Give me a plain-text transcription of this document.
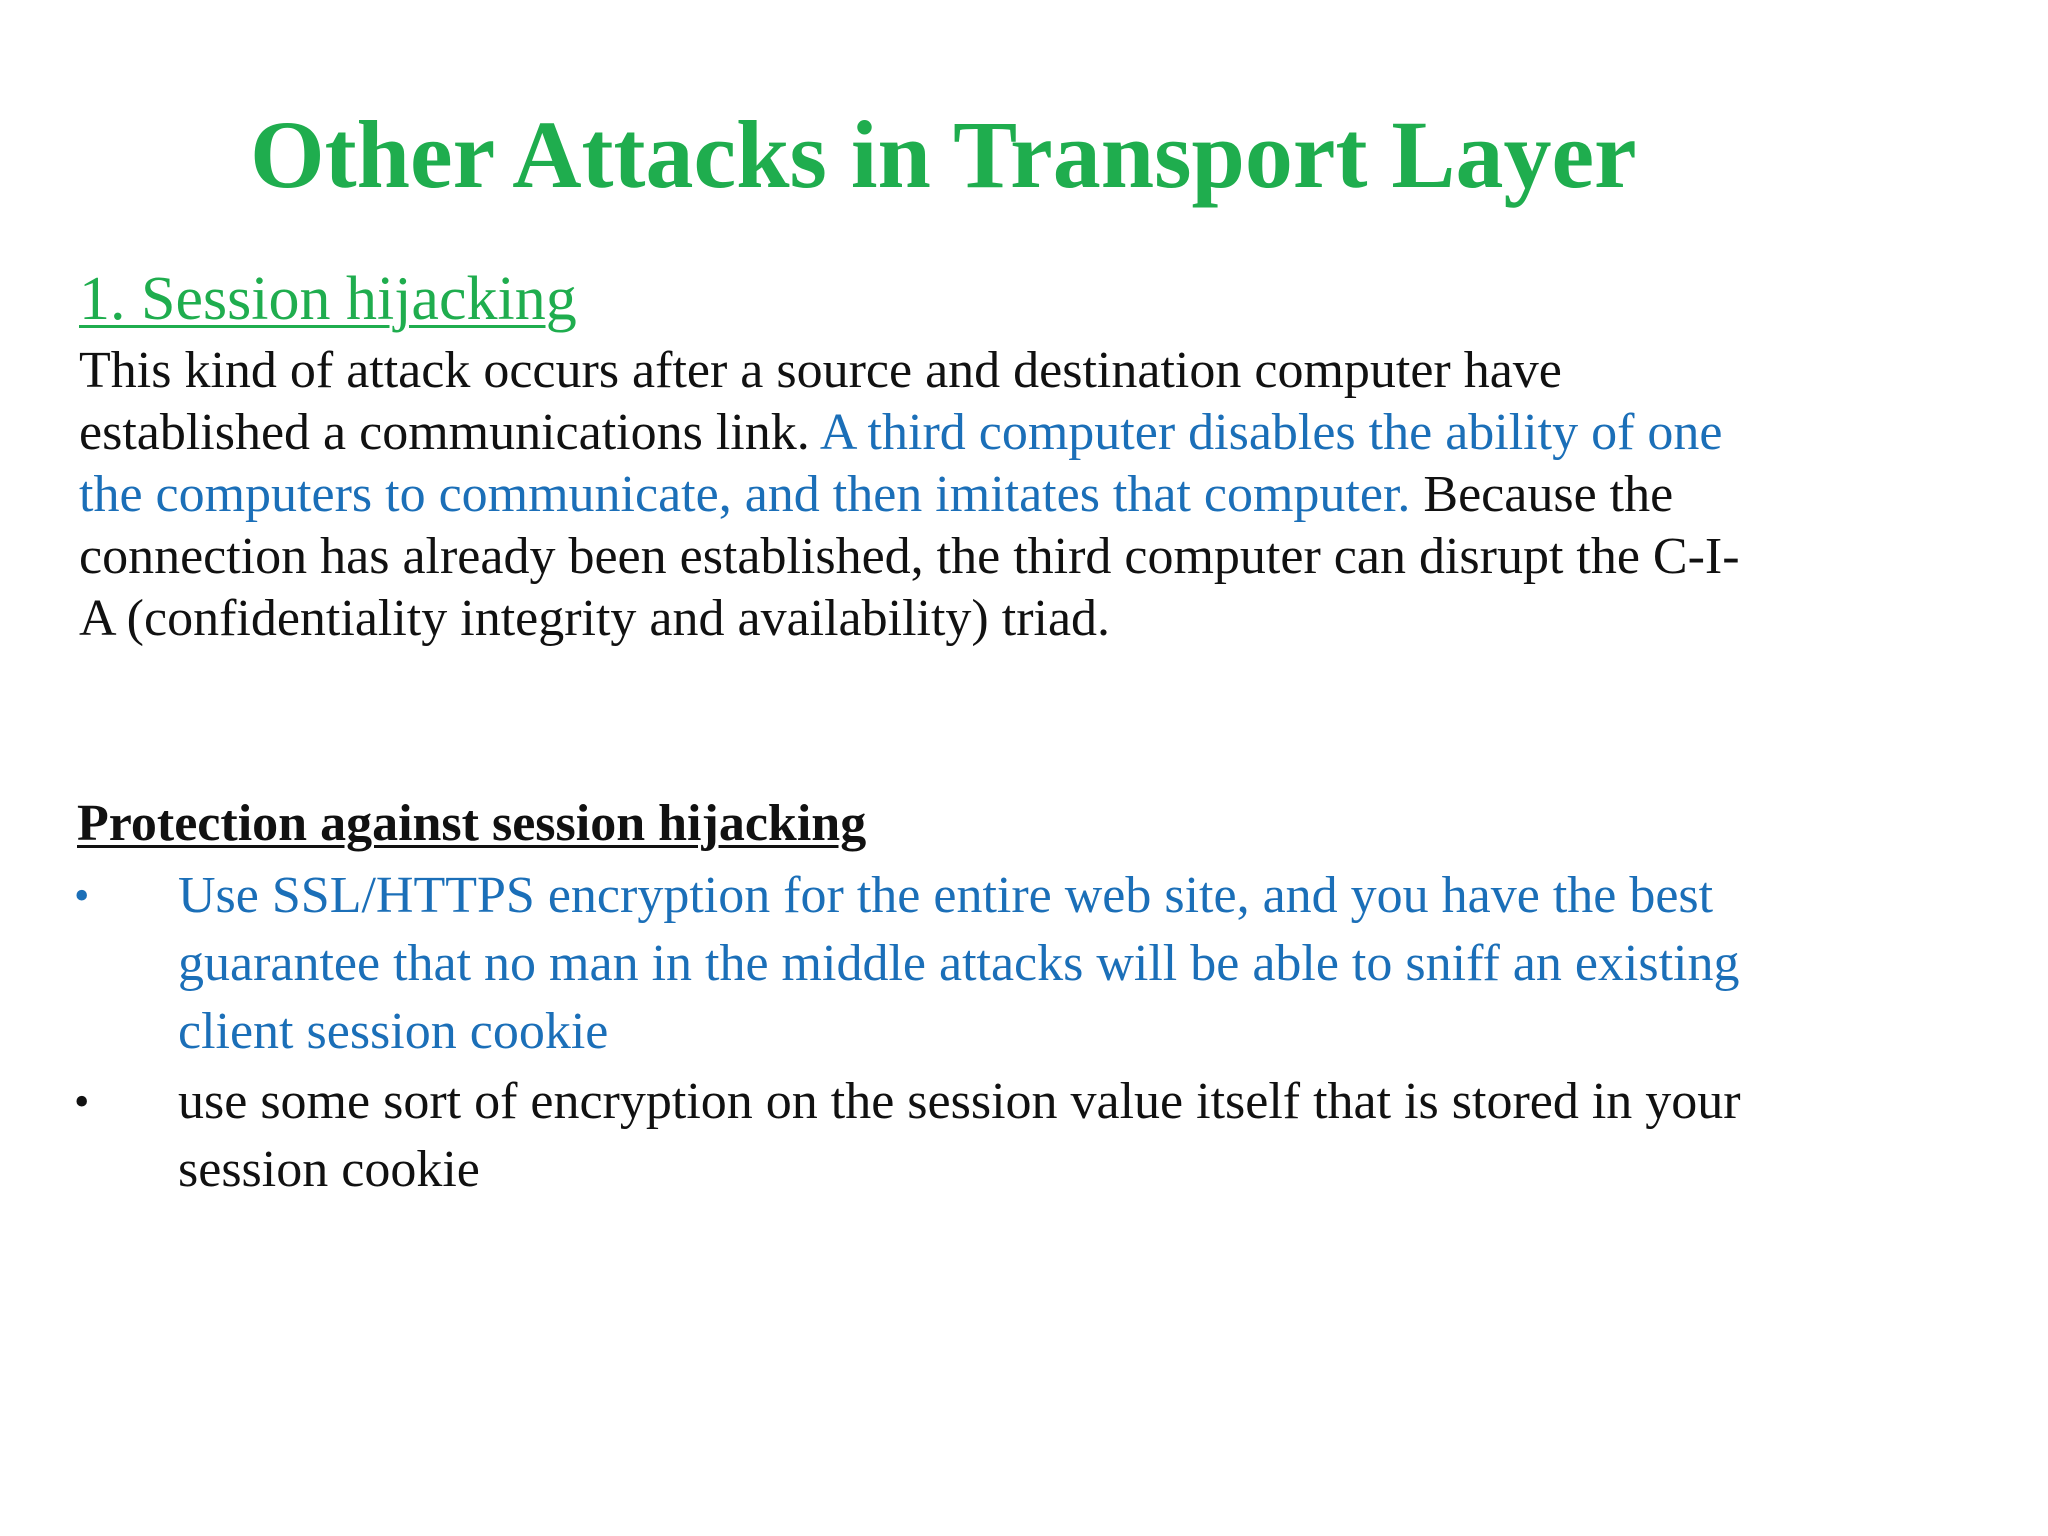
Other Attacks in Transport Layer
1. Session hijacking

This kind of attack occurs after a source and destination computer have
established a communications link. A third computer disables the ability of one
the computers to communicate, and then imitates that computer. Because the
connection has already been established, the third computer can disrupt the C-I-
A (confidentiality integrity and availability) triad.

Protection against session hijacking
• Use SSL/HTTPS encryption for the entire web site, and you have the best
guarantee that no man in the middle attacks will be able to sniff an existing
client session cookie
• use some sort of encryption on the session value itself that is stored in your
session cookie
